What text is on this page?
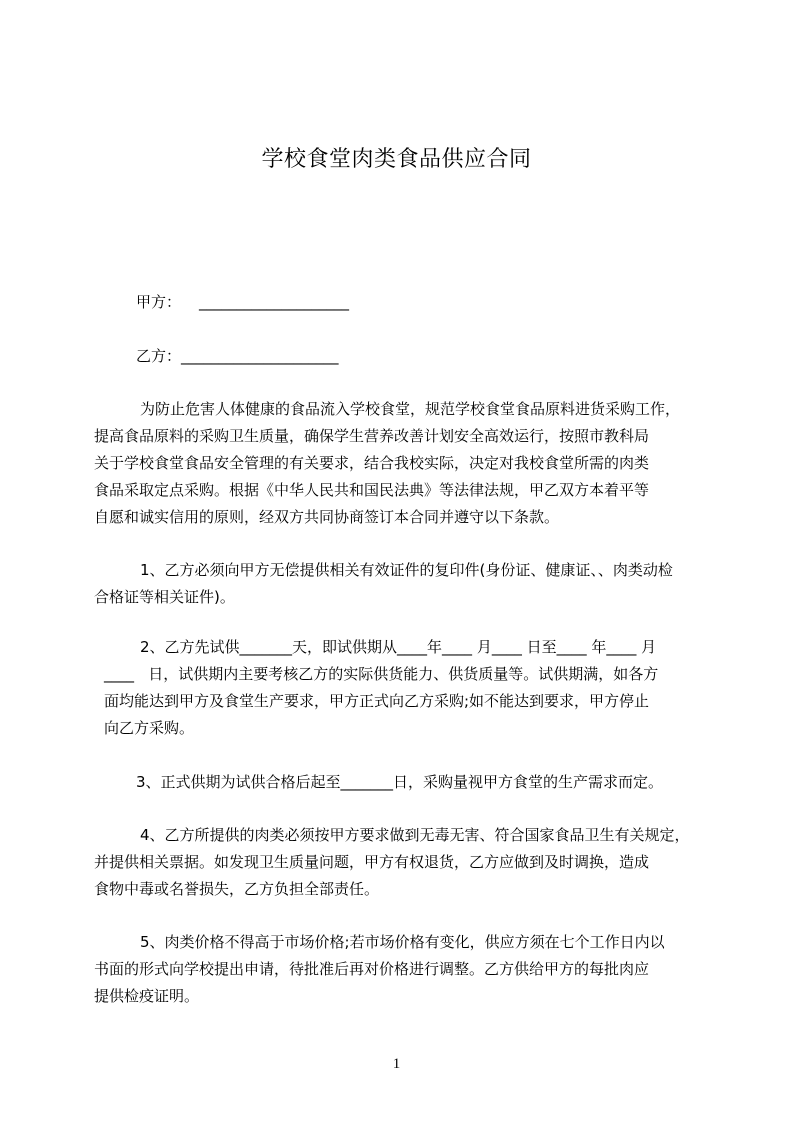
学校食堂肉类食品供应合同
甲方： ____________________
乙方：_____________________
为防止危害人体健康的食品流入学校食堂，规范学校食堂食品原料进货采购工作，
提高食品原料的采购卫生质量，确保学生营养改善计划安全高效运行，按照市教科局
关于学校食堂食品安全管理的有关要求，结合我校实际，决定对我校食堂所需的肉类
食品采取定点采购。根据《中华人民共和国民法典》等法律法规，甲乙双方本着平等
自愿和诚实信用的原则，经双方共同协商签订本合同并遵守以下条款。
1、乙方必须向甲方无偿提供相关有效证件的复印件(身份证、健康证、、肉类动检
合格证等相关证件)。
2、乙方先试供_______天，即试供期从____年____ 月____ 日至____ 年____ 月
____   日，试供期内主要考核乙方的实际供货能力、供货质量等。试供期满，如各方
面均能达到甲方及食堂生产要求，甲方正式向乙方采购;如不能达到要求，甲方停止
向乙方采购。
3、正式供期为试供合格后起至_______日，采购量视甲方食堂的生产需求而定。
4、乙方所提供的肉类必须按甲方要求做到无毒无害、符合国家食品卫生有关规定，
并提供相关票据。如发现卫生质量问题，甲方有权退货，乙方应做到及时调换，造成
食物中毒或名誉损失，乙方负担全部责任。
5、肉类价格不得高于市场价格;若市场价格有变化，供应方须在七个工作日内以
书面的形式向学校提出申请，待批准后再对价格进行调整。乙方供给甲方的每批肉应
提供检疫证明。
1
